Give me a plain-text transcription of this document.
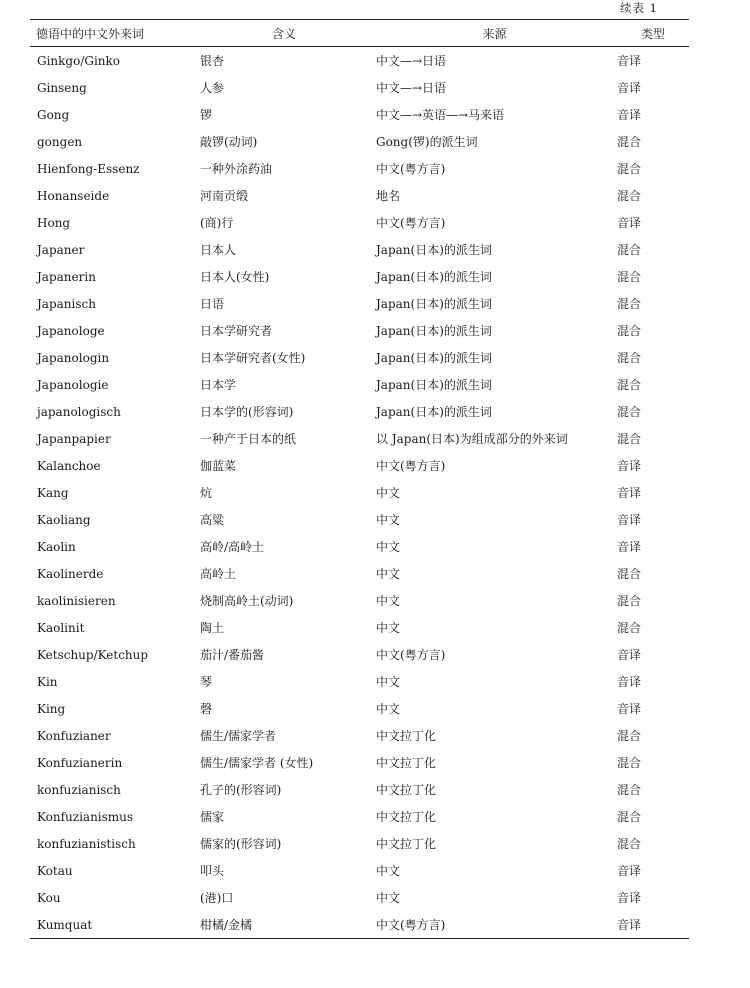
续表 1
德语中的中文外来词	含义	来源	类型
Ginkgo/Ginko	银杏	中文—→日语	音译
Ginseng	人参	中文—→日语	音译
Gong	锣	中文—→英语—→马来语	音译
gongen	敲锣(动词)	Gong(锣)的派生词	混合
Hienfong-Essenz	一种外涂药油	中文(粤方言)	混合
Honanseide	河南贡缎	地名	混合
Hong	(商)行	中文(粤方言)	音译
Japaner	日本人	Japan(日本)的派生词	混合
Japanerin	日本人(女性)	Japan(日本)的派生词	混合
Japanisch	日语	Japan(日本)的派生词	混合
Japanologe	日本学研究者	Japan(日本)的派生词	混合
Japanologin	日本学研究者(女性)	Japan(日本)的派生词	混合
Japanologie	日本学	Japan(日本)的派生词	混合
japanologisch	日本学的(形容词)	Japan(日本)的派生词	混合
Japanpapier	一种产于日本的纸	以 Japan(日本)为组成部分的外来词	混合
Kalanchoe	伽蓝菜	中文(粤方言)	音译
Kang	炕	中文	音译
Kaoliang	高粱	中文	音译
Kaolin	高岭/高岭土	中文	音译
Kaolinerde	高岭土	中文	混合
kaolinisieren	烧制高岭土(动词)	中文	混合
Kaolinit	陶土	中文	混合
Ketschup/Ketchup	茄汁/番茄酱	中文(粤方言)	音译
Kin	琴	中文	音译
King	磬	中文	音译
Konfuzianer	儒生/儒家学者	中文拉丁化	混合
Konfuzianerin	儒生/儒家学者 (女性)	中文拉丁化	混合
konfuzianisch	孔子的(形容词)	中文拉丁化	混合
Konfuzianismus	儒家	中文拉丁化	混合
konfuzianistisch	儒家的(形容词)	中文拉丁化	混合
Kotau	叩头	中文	音译
Kou	(港)口	中文	音译
Kumquat	柑橘/金橘	中文(粤方言)	音译
